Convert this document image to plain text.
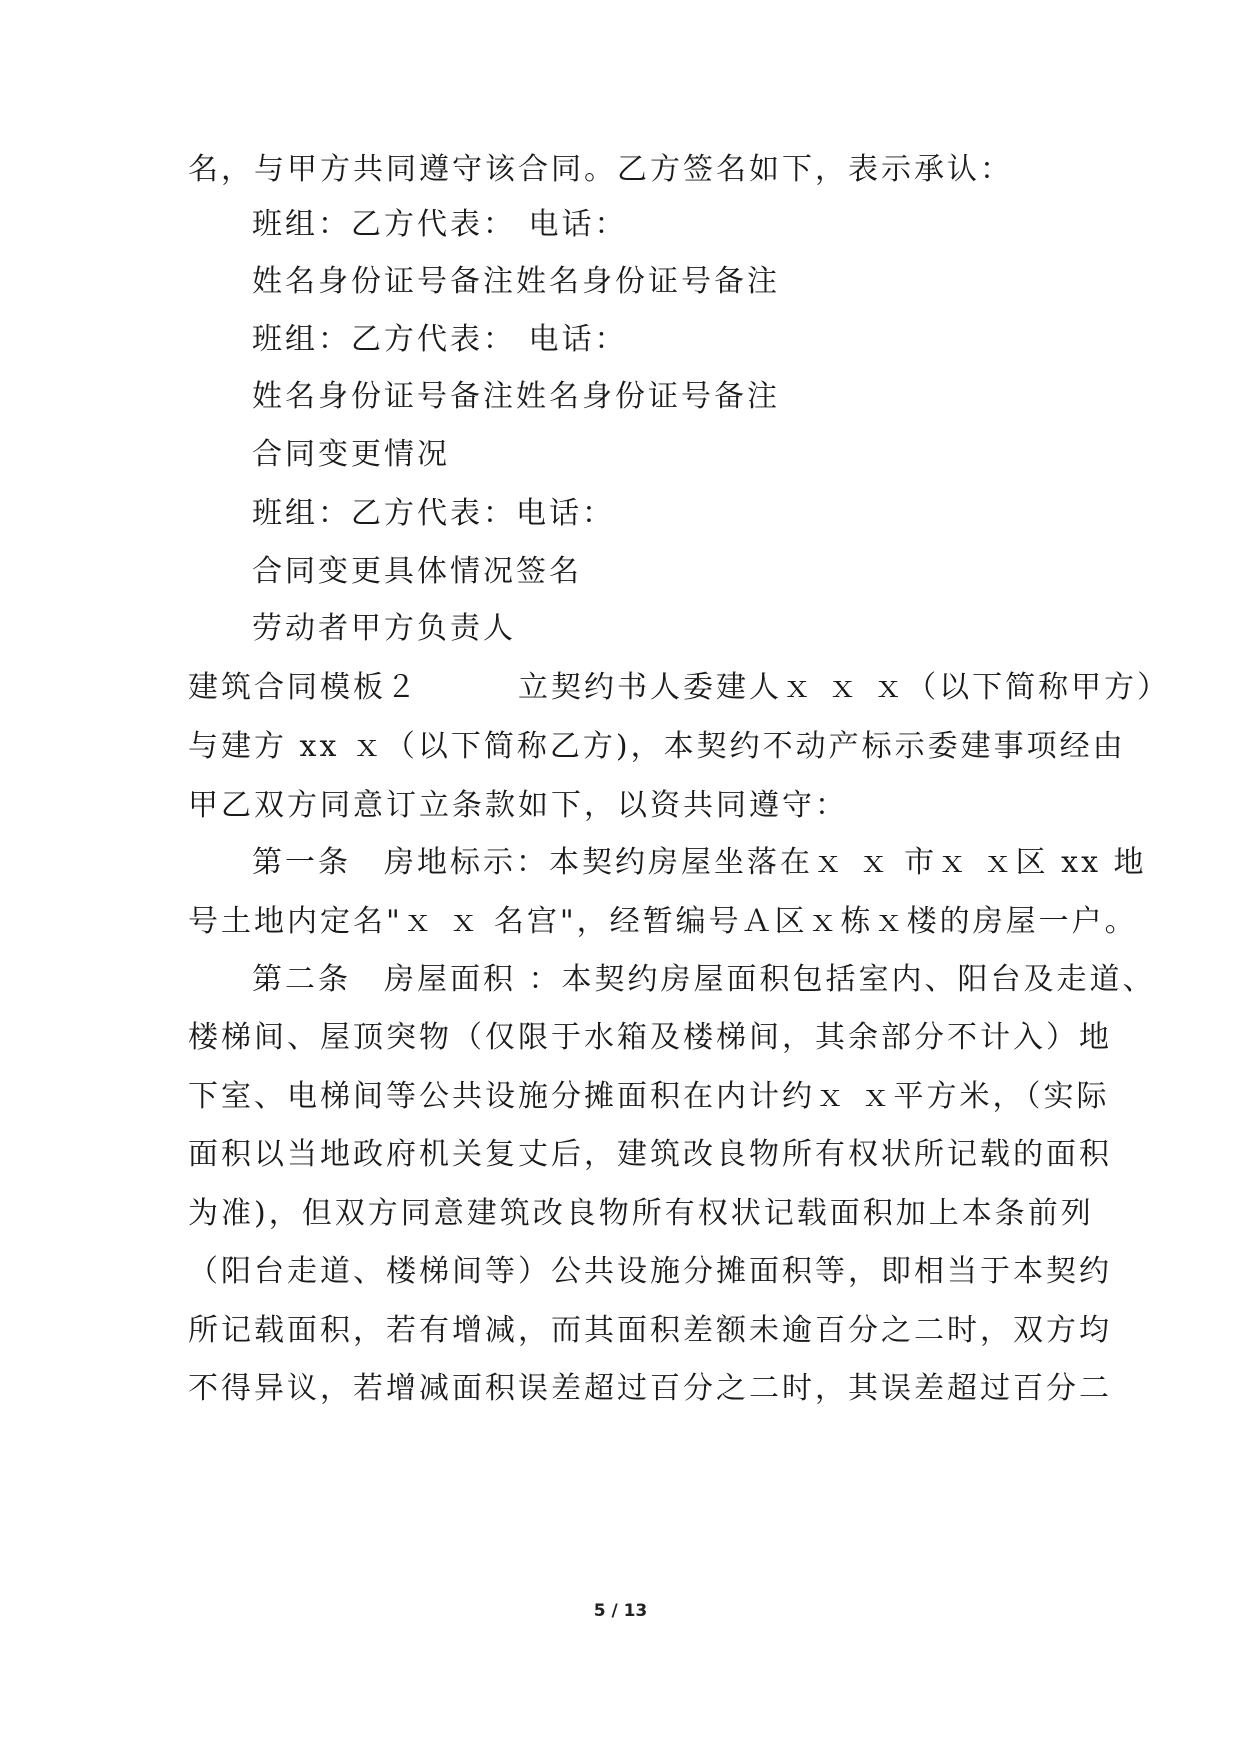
名，与甲方共同遵守该合同。乙方签名如下，表示承认：
班组：乙方代表： 电话：
姓名身份证号备注姓名身份证号备注
班组：乙方代表： 电话：
姓名身份证号备注姓名身份证号备注
合同变更情况
班组：乙方代表：电话：
合同变更具体情况签名
劳动者甲方负责人
建筑合同模板２　　　立契约书人委建人ｘ ｘ ｘ（以下简称甲方）
与建方 xx ｘ（以下简称乙方)，本契约不动产标示委建事项经由
甲乙双方同意订立条款如下，以资共同遵守：
第一条　房地标示：本契约房屋坐落在ｘ ｘ 市ｘ ｘ区 xx 地
号土地内定名"ｘ ｘ 名宫"，经暂编号Ａ区ｘ栋ｘ楼的房屋一户。
第二条　房屋面积 ：本契约房屋面积包括室内、阳台及走道、
楼梯间、屋顶突物（仅限于水箱及楼梯间，其余部分不计入）地
下室、电梯间等公共设施分摊面积在内计约ｘ ｘ平方米，（实际
面积以当地政府机关复丈后，建筑改良物所有权状所记载的面积
为准)，但双方同意建筑改良物所有权状记载面积加上本条前列
（阳台走道、楼梯间等）公共设施分摊面积等，即相当于本契约
所记载面积，若有增减，而其面积差额未逾百分之二时，双方均
不得异议，若增减面积误差超过百分之二时，其误差超过百分二
5 / 13
